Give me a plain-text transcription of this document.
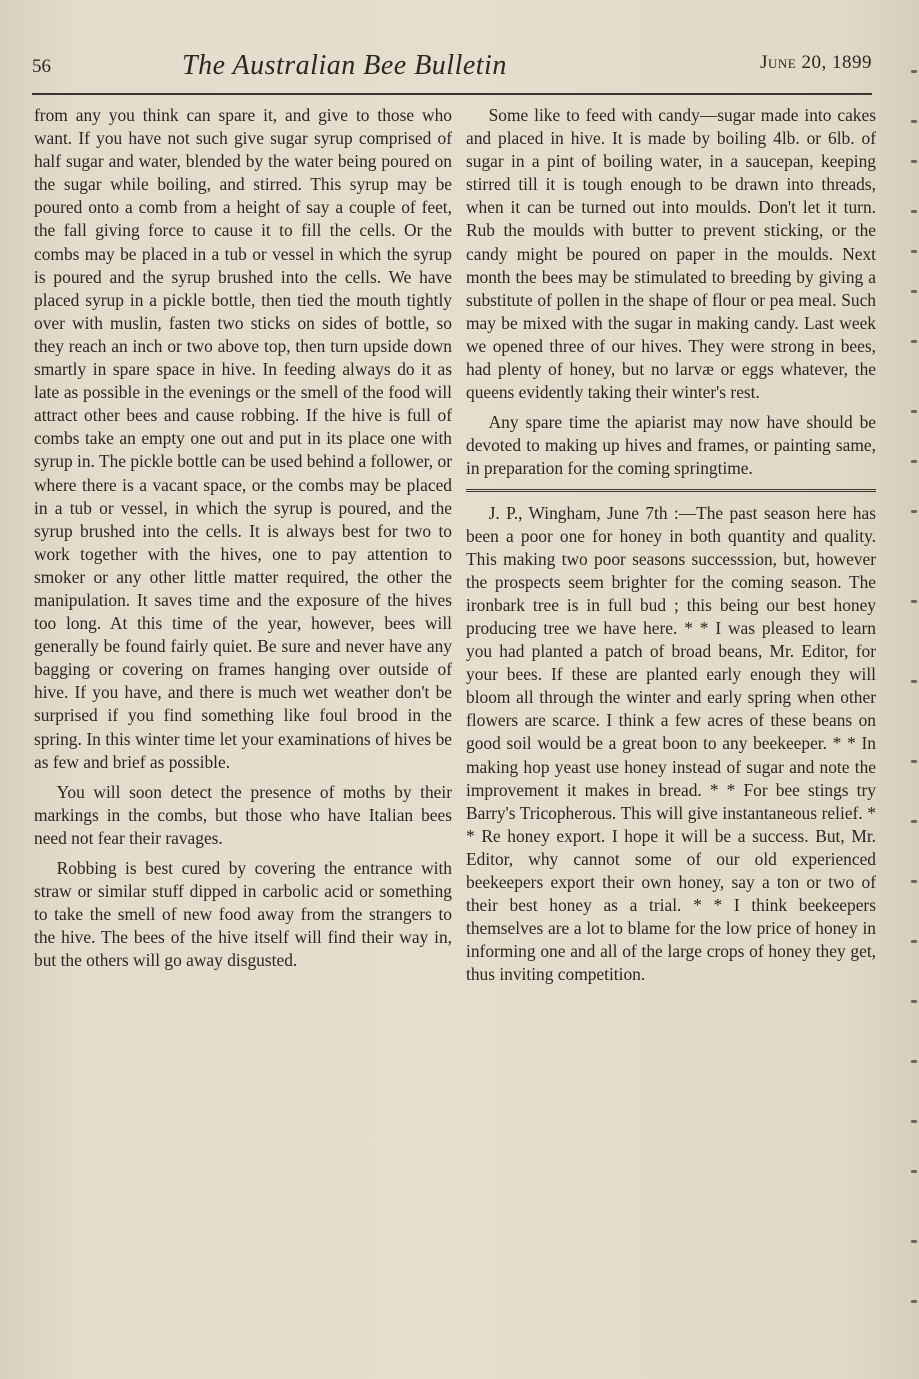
56	The Australian Bee Bulletin	June 20, 1899

from any you think can spare it, and give to those who want. If you have not such give sugar syrup comprised of half sugar and water, blended by the water being poured on the sugar while boiling, and stirred. This syrup may be poured onto a comb from a height of say a couple of feet, the fall giving force to cause it to fill the cells. Or the combs may be placed in a tub or vessel in which the syrup is poured and the syrup brushed into the cells. We have placed syrup in a pickle bottle, then tied the mouth tightly over with muslin, fasten two sticks on sides of bottle, so they reach an inch or two above top, then turn upside down smartly in spare space in hive. In feeding always do it as late as possible in the evenings or the smell of the food will attract other bees and cause robbing. If the hive is full of combs take an empty one out and put in its place one with syrup in. The pickle bottle can be used behind a follower, or where there is a vacant space, or the combs may be placed in a tub or vessel, in which the syrup is poured, and the syrup brushed into the cells. It is always best for two to work together with the hives, one to pay attention to smoker or any other little matter required, the other the manipulation. It saves time and the exposure of the hives too long. At this time of the year, however, bees will generally be found fairly quiet. Be sure and never have any bagging or covering on frames hanging over outside of hive. If you have, and there is much wet weather don't be surprised if you find something like foul brood in the spring. In this winter time let your examinations of hives be as few and brief as possible.

You will soon detect the presence of moths by their markings in the combs, but those who have Italian bees need not fear their ravages.

Robbing is best cured by covering the entrance with straw or similar stuff dipped in carbolic acid or something to take the smell of new food away from the strangers to the hive. The bees of the hive itself will find their way in, but the others will go away disgusted.

Some like to feed with candy—sugar made into cakes and placed in hive. It is made by boiling 4lb. or 6lb. of sugar in a pint of boiling water, in a saucepan, keeping stirred till it is tough enough to be drawn into threads, when it can be turned out into moulds. Don't let it turn. Rub the moulds with butter to prevent sticking, or the candy might be poured on paper in the moulds. Next month the bees may be stimulated to breeding by giving a substitute of pollen in the shape of flour or pea meal. Such may be mixed with the sugar in making candy. Last week we opened three of our hives. They were strong in bees, had plenty of honey, but no larvæ or eggs whatever, the queens evidently taking their winter's rest.

Any spare time the apiarist may now have should be devoted to making up hives and frames, or painting same, in preparation for the coming springtime.

J. P., Wingham, June 7th :—The past season here has been a poor one for honey in both quantity and quality. This making two poor seasons successsion, but, however the prospects seem brighter for the coming season. The ironbark tree is in full bud ; this being our best honey producing tree we have here. * * I was pleased to learn you had planted a patch of broad beans, Mr. Editor, for your bees. If these are planted early enough they will bloom all through the winter and early spring when other flowers are scarce. I think a few acres of these beans on good soil would be a great boon to any beekeeper. * * In making hop yeast use honey instead of sugar and note the improvement it makes in bread. * * For bee stings try Barry's Tricopherous. This will give instantaneous relief. * * Re honey export. I hope it will be a success. But, Mr. Editor, why cannot some of our old experienced beekeepers export their own honey, say a ton or two of their best honey as a trial. * * I think beekeepers themselves are a lot to blame for the low price of honey in informing one and all of the large crops of honey they get, thus inviting competition.
